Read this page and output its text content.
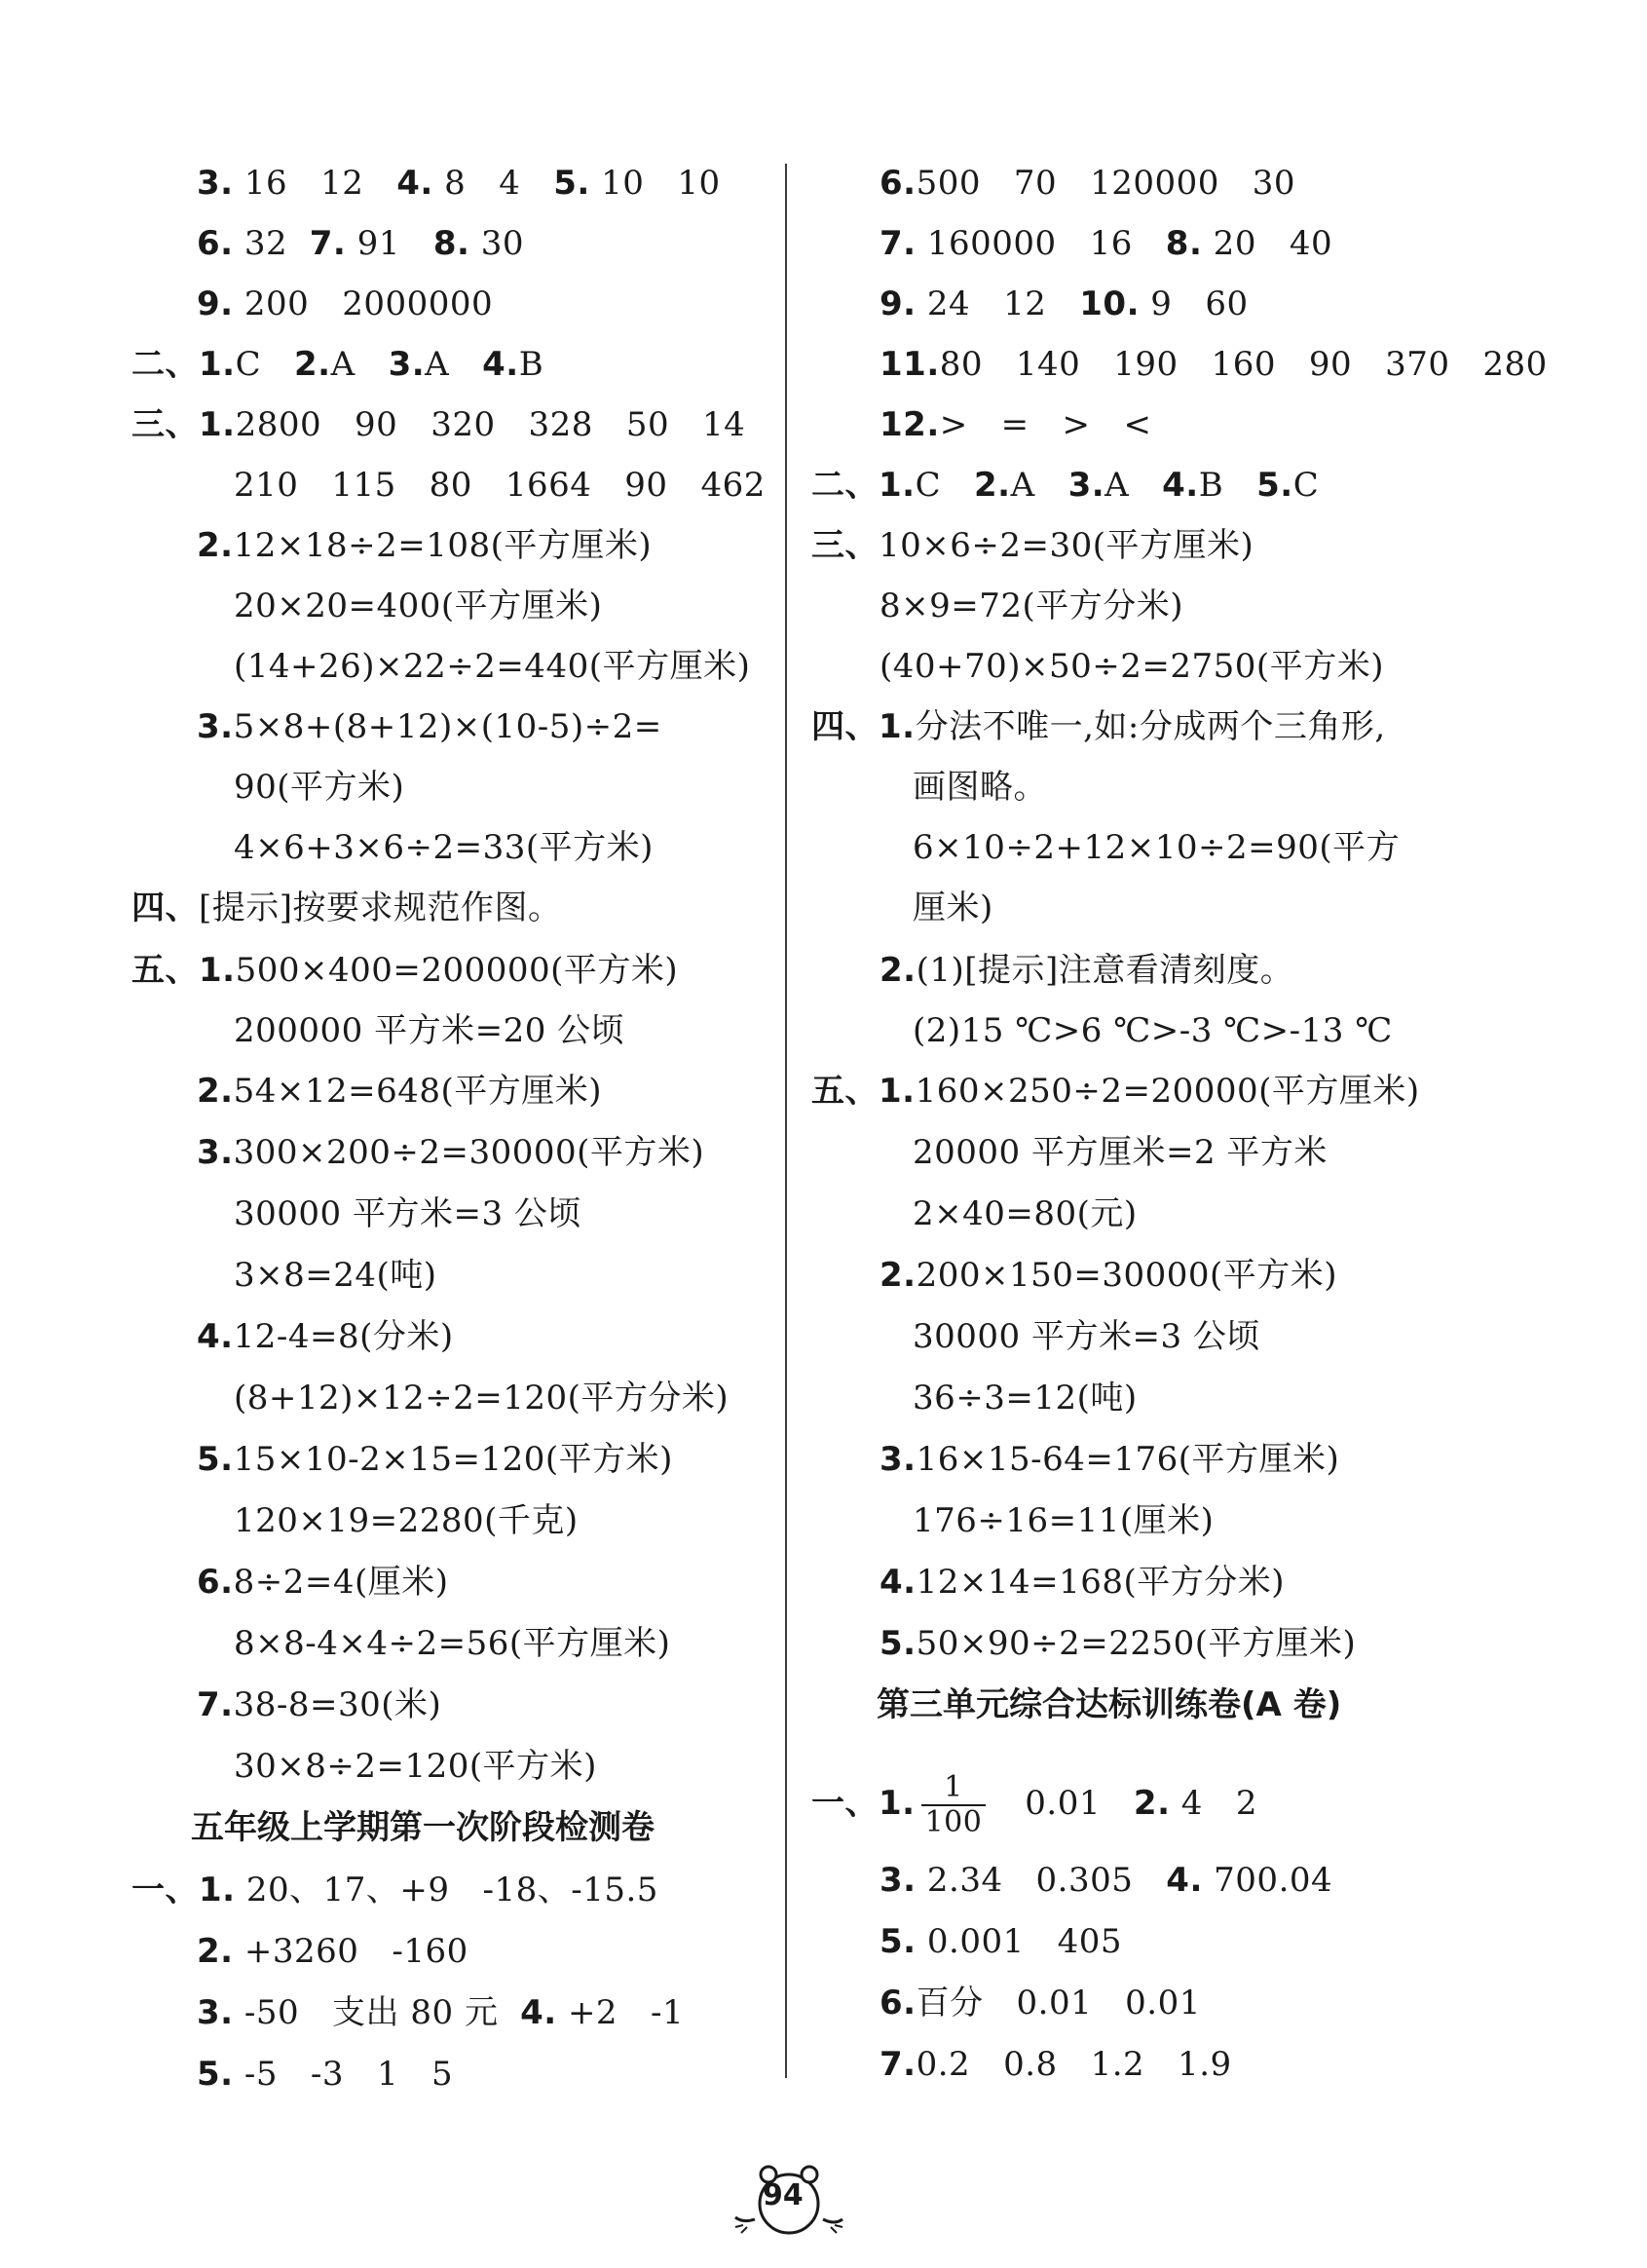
3. 16   12   4. 8   4   5. 10   10
6. 32  7. 91   8. 30
9. 200   2000000
二、1.C   2.A   3.A   4.B
三、1.2800   90   320   328   50   14
210   115   80   1664   90   462
2.12×18÷2=108(平方厘米)
20×20=400(平方厘米)
(14+26)×22÷2=440(平方厘米)
3.5×8+(8+12)×(10-5)÷2=
90(平方米)
4×6+3×6÷2=33(平方米)
四、[提示]按要求规范作图。
五、1.500×400=200000(平方米)
200000 平方米=20 公顷
2.54×12=648(平方厘米)
3.300×200÷2=30000(平方米)
30000 平方米=3 公顷
3×8=24(吨)
4.12-4=8(分米)
(8+12)×12÷2=120(平方分米)
5.15×10-2×15=120(平方米)
120×19=2280(千克)
6.8÷2=4(厘米)
8×8-4×4÷2=56(平方厘米)
7.38-8=30(米)
30×8÷2=120(平方米)
五年级上学期第一次阶段检测卷
一、1. 20、17、+9   -18、-15.5
2. +3260   -160
3. -50   支出 80 元  4. +2   -1
5. -5   -3   1   5
6.500   70   120000   30
7. 160000   16   8. 20   40
9. 24   12   10. 9   60
11.80   140   190   160   90   370   280
12.>   =   >   <
二、1.C   2.A   3.A   4.B   5.C
三、10×6÷2=30(平方厘米)
8×9=72(平方分米)
(40+70)×50÷2=2750(平方米)
四、1.分法不唯一,如:分成两个三角形,
画图略。
6×10÷2+12×10÷2=90(平方
厘米)
2.(1)[提示]注意看清刻度。
(2)15 ℃>6 ℃>-3 ℃>-13 ℃
五、1.160×250÷2=20000(平方厘米)
20000 平方厘米=2 平方米
2×40=80(元)
2.200×150=30000(平方米)
30000 平方米=3 公顷
36÷3=12(吨)
3.16×15-64=176(平方厘米)
176÷16=11(厘米)
4.12×14=168(平方分米)
5.50×90÷2=2250(平方厘米)
第三单元综合达标训练卷(A 卷)
一、1. $\frac{1}{100} 0.01$   2. 4   2
3. 2.34   0.305   4. 700.04
5. 0.001   405
6.百分   0.01   0.01
7.0.2   0.8   1.2   1.9
94
